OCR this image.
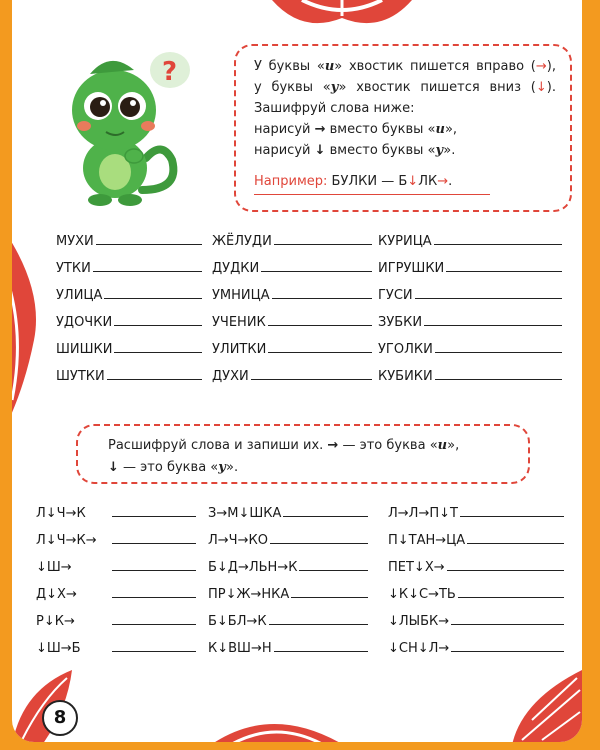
?	У буквы «и» хвостик пишется вправо (→),
у буквы «у» хвостик пишется вниз (↓).
Зашифруй слова ниже:
нарисуй → вместо буквы «и»,
нарисуй ↓ вместо буквы «у».
Например: БУЛКИ — Б↓ЛК→.
МУХИ	ЖЁЛУДИ	КУРИЦА
УТКИ	ДУДКИ	ИГРУШКИ
УЛИЦА	УМНИЦА	ГУСИ
УДОЧКИ	УЧЕНИК	ЗУБКИ
ШИШКИ	УЛИТКИ	УГОЛКИ
ШУТКИ	ДУХИ	КУБИКИ
Расшифруй слова и запиши их. → — это буква «и»,
↓ — это буква «у».
Л↓Ч→К	З→М↓ШКА	Л→Л→П↓Т
Л↓Ч→К→	Л→Ч→КО	П↓ТАН→ЦА
↓Ш→	Б↓Д→ЛЬН→К	ПЕТ↓Х→
Д↓Х→	ПР↓Ж→НКА	↓К↓С→ТЬ
Р↓К→	Б↓БЛ→К	↓ЛЫБК→
↓Ш→Б	К↓ВШ→Н	↓СН↓Л→
8
